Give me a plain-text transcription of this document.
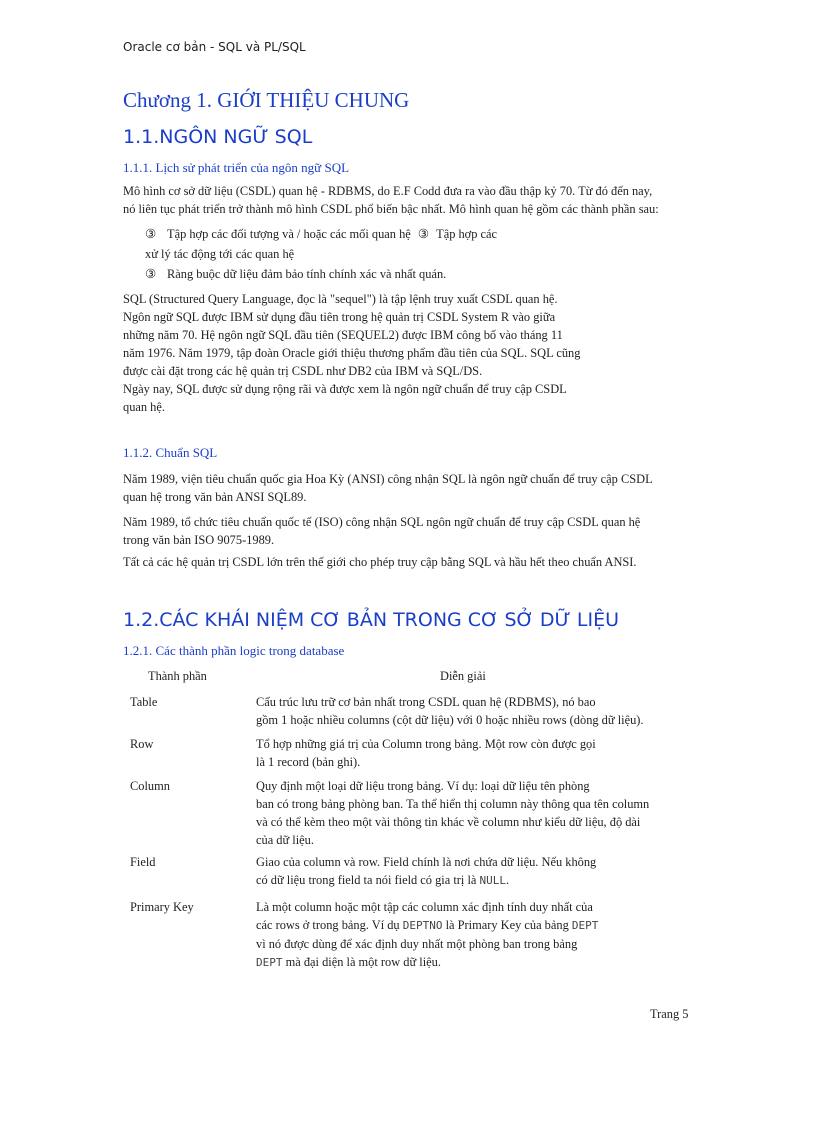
Oracle cơ bản - SQL và PL/SQL
Chương 1. GIỚI THIỆU CHUNG
1.1.NGÔN NGỮ SQL
1.1.1. Lịch sử phát triển của ngôn ngữ SQL

Mô hình cơ sở dữ liệu (CSDL) quan hệ - RDBMS, do E.F Codd đưa ra vào đầu thập kỷ 70. Từ đó đến nay,
nó liên tục phát triển trở thành mô hình CSDL phổ biến bậc nhất. Mô hình quan hệ gồm các thành phần sau:

③ Tập hợp các đối tượng và / hoặc các mối quan hệ ③ Tập hợp các

xử lý tác động tới các quan hệ

③ Ràng buộc dữ liệu đảm bảo tính chính xác và nhất quán.

SQL (Structured Query Language, đọc là "sequel") là tập lệnh truy xuất CSDL quan hệ.
Ngôn ngữ SQL được IBM sử dụng đầu tiên trong hệ quản trị CSDL System R vào giữa
những năm 70. Hệ ngôn ngữ SQL đầu tiên (SEQUEL2) được IBM công bố vào tháng 11
năm 1976. Năm 1979, tập đoàn Oracle giới thiệu thương phẩm đầu tiên của SQL. SQL cũng
được cài đặt trong các hệ quản trị CSDL như DB2 của IBM và SQL/DS.
Ngày nay, SQL được sử dụng rộng rãi và được xem là ngôn ngữ chuẩn để truy cập CSDL
quan hệ.

1.1.2. Chuẩn SQL

Năm 1989, viện tiêu chuẩn quốc gia Hoa Kỳ (ANSI) công nhận SQL là ngôn ngữ chuẩn để truy cập CSDL
quan hệ trong văn bản ANSI SQL89.

Năm 1989, tổ chức tiêu chuẩn quốc tế (ISO) công nhận SQL ngôn ngữ chuẩn để truy cập CSDL quan hệ
trong văn bản ISO 9075-1989.

Tất cả các hệ quản trị CSDL lớn trên thế giới cho phép truy cập bằng SQL và hầu hết theo chuẩn ANSI.

1.2.CÁC KHÁI NIỆM CƠ BẢN TRONG CƠ SỞ DỮ LIỆU
1.2.1. Các thành phần logic trong database

Thành phần	Diễn giải

Table	Cấu trúc lưu trữ cơ bản nhất trong CSDL quan hệ (RDBMS), nó bao
gồm 1 hoặc nhiều columns (cột dữ liệu) với 0 hoặc nhiều rows (dòng dữ liệu).

Row	Tổ hợp những giá trị của Column trong bảng. Một row còn được gọi
là 1 record (bản ghi).

Column	Quy định một loại dữ liệu trong bảng. Ví dụ: loại dữ liệu tên phòng
ban có trong bảng phòng ban. Ta thể hiển thị column này thông qua tên column
và có thể kèm theo một vài thông tin khác về column như kiểu dữ liệu, độ dài
của dữ liệu.

Field	Giao của column và row. Field chính là nơi chứa dữ liệu. Nếu không
có dữ liệu trong field ta nói field có gia trị là NULL.

Primary Key	Là một column hoặc một tập các column xác định tính duy nhất của
các rows ở trong bảng. Ví dụ DEPTNO là Primary Key của bảng DEPT
vì nó được dùng để xác định duy nhất một phòng ban trong bảng
DEPT mà đại diện là một row dữ liệu.

Trang 5
